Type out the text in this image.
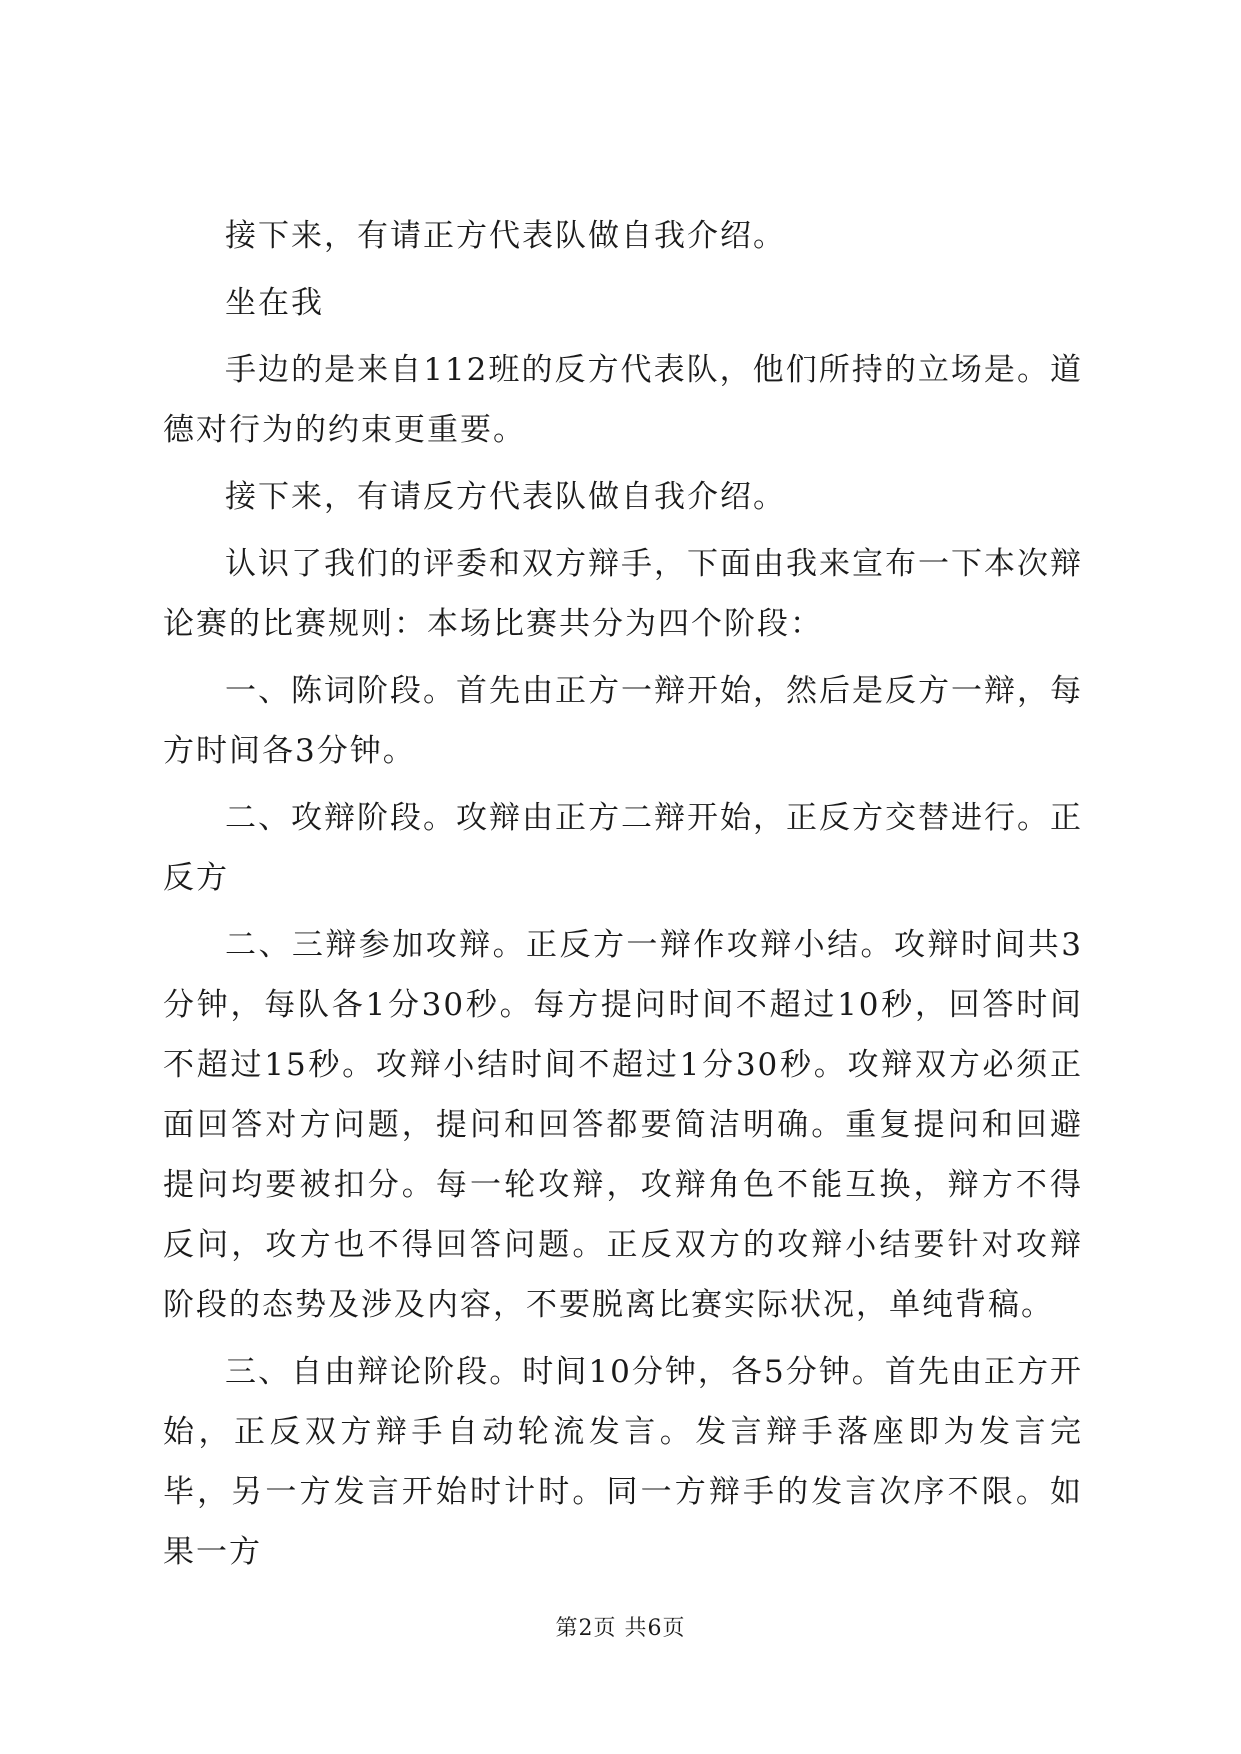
接下来，有请正方代表队做自我介绍。

坐在我

手边的是来自112班的反方代表队，他们所持的立场是。道德对行为的约束更重要。

接下来，有请反方代表队做自我介绍。

认识了我们的评委和双方辩手，下面由我来宣布一下本次辩论赛的比赛规则：本场比赛共分为四个阶段：

一、陈词阶段。首先由正方一辩开始，然后是反方一辩，每方时间各3分钟。

二、攻辩阶段。攻辩由正方二辩开始，正反方交替进行。正反方

二、三辩参加攻辩。正反方一辩作攻辩小结。攻辩时间共3分钟，每队各1分30秒。每方提问时间不超过10秒，回答时间不超过15秒。攻辩小结时间不超过1分30秒。攻辩双方必须正面回答对方问题，提问和回答都要简洁明确。重复提问和回避提问均要被扣分。每一轮攻辩，攻辩角色不能互换，辩方不得反问，攻方也不得回答问题。正反双方的攻辩小结要针对攻辩阶段的态势及涉及内容，不要脱离比赛实际状况，单纯背稿。

三、自由辩论阶段。时间10分钟，各5分钟。首先由正方开始，正反双方辩手自动轮流发言。发言辩手落座即为发言完毕，另一方发言开始时计时。同一方辩手的发言次序不限。如果一方

第2页 共6页
